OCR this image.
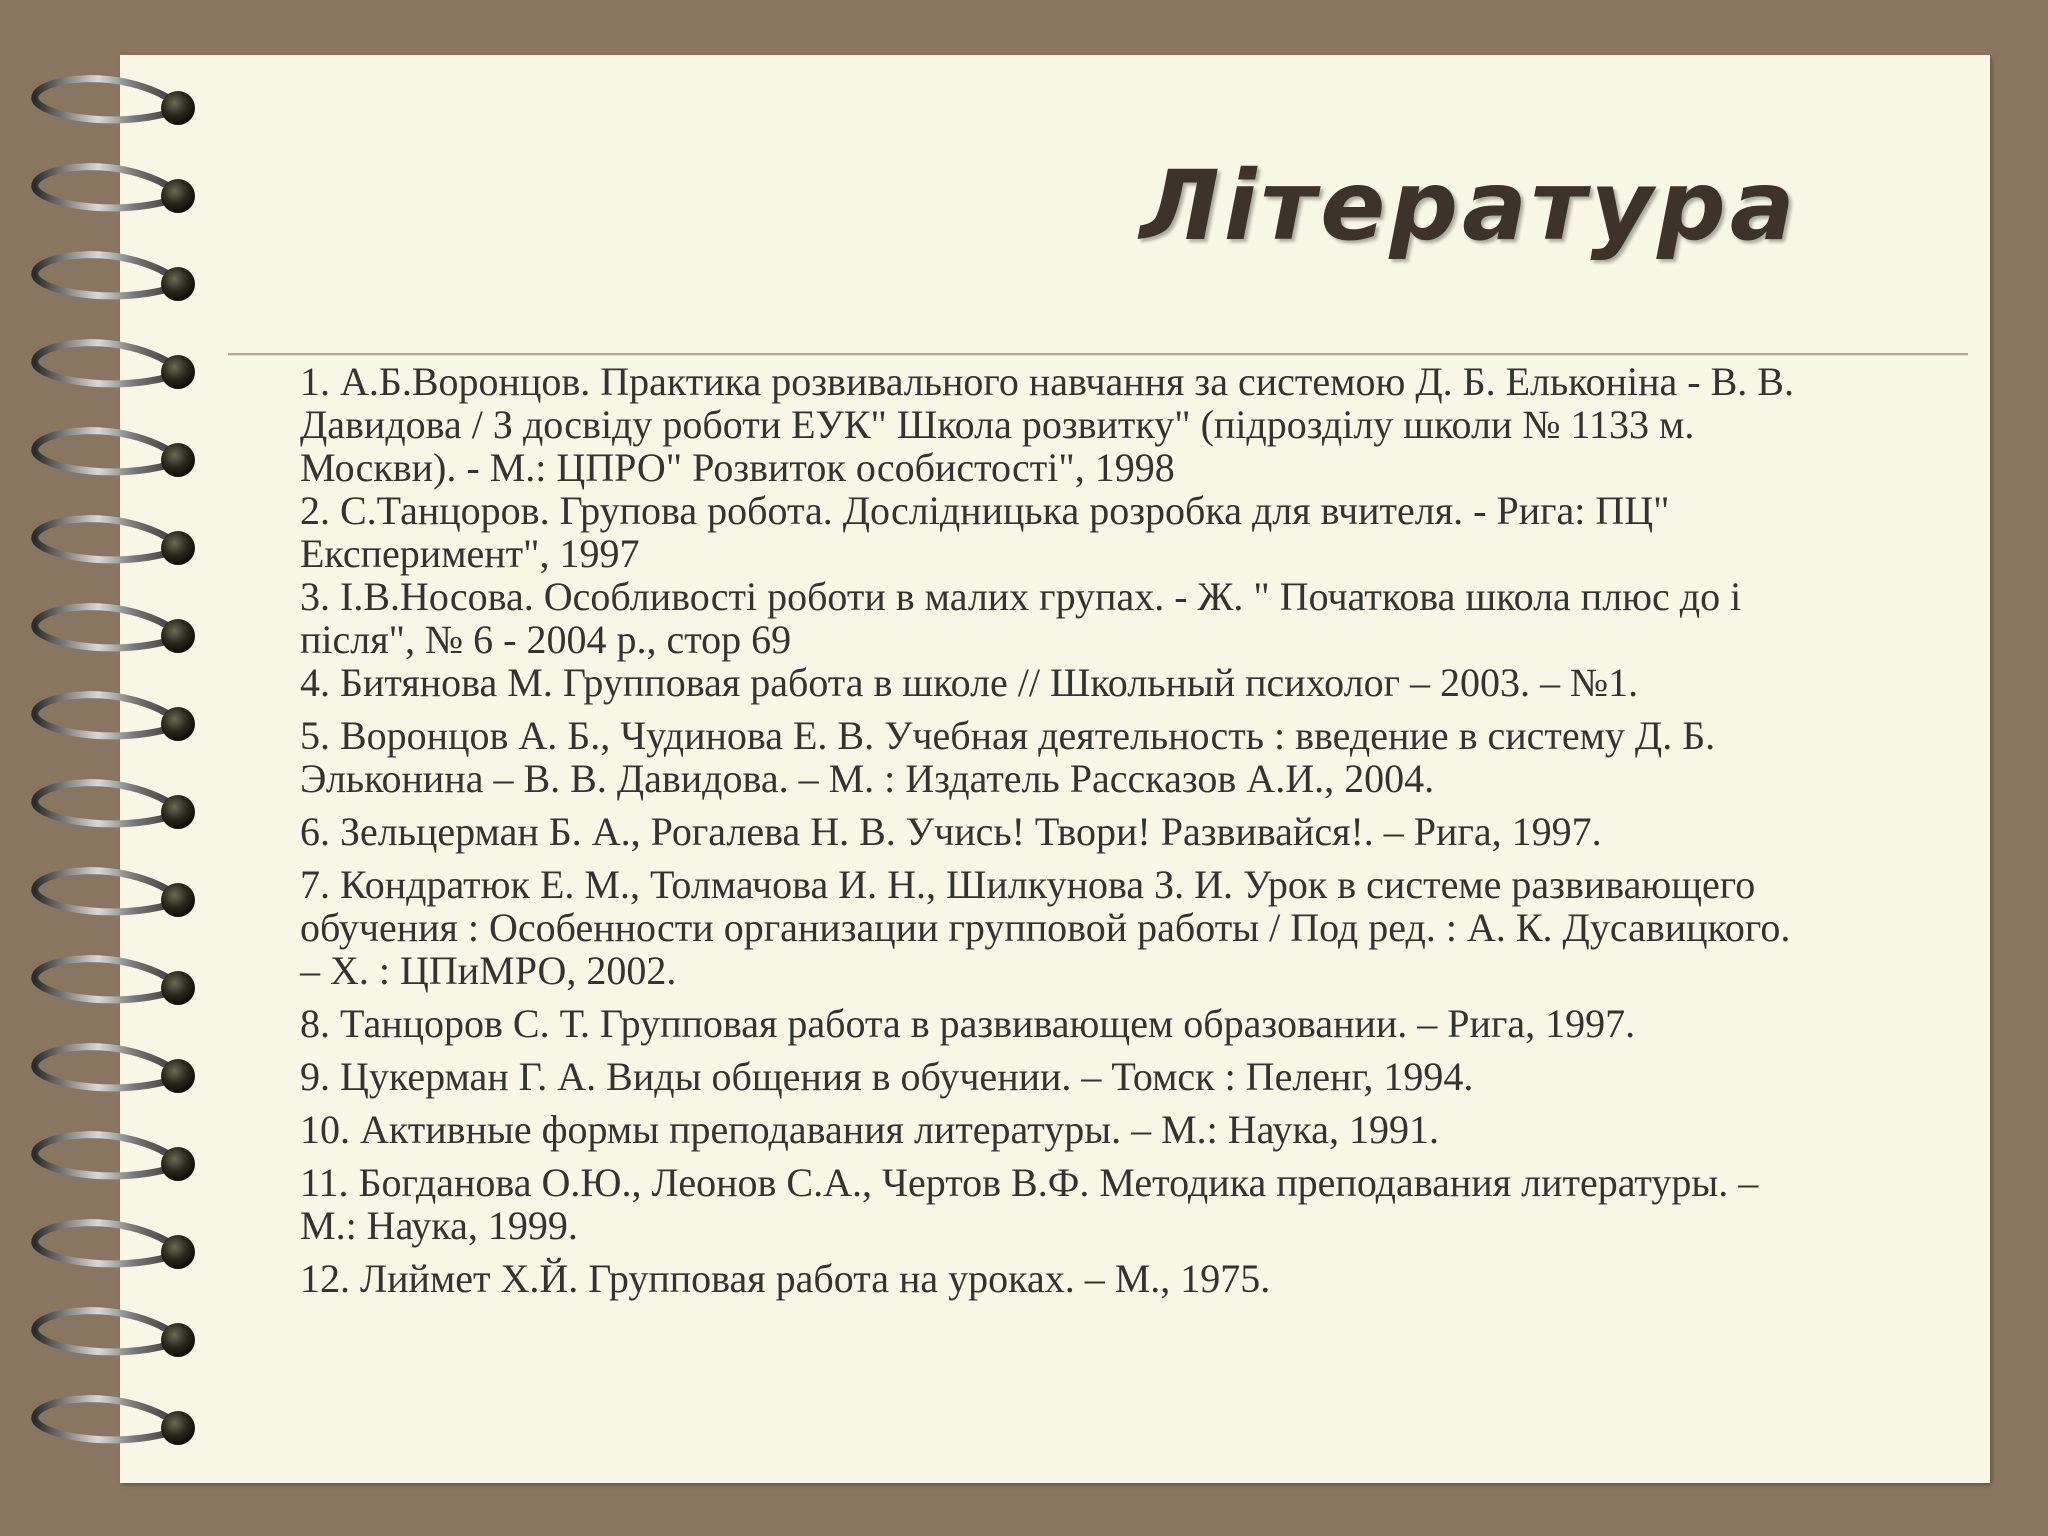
Література
1. А.Б.Воронцов. Практика розвивального навчання за системою Д. Б. Ельконіна - В. В.
Давидова / З досвіду роботи ЕУК" Школа розвитку" (підрозділу школи № 1133 м.
Москви). - М.: ЦПРО" Розвиток особистості", 1998
2. С.Танцоров. Групова робота. Дослідницька розробка для вчителя. - Рига: ПЦ"
Експеримент", 1997
3. І.В.Носова. Особливості роботи в малих групах. - Ж. " Початкова школа плюс до і
після", № 6 - 2004 р., стор 69
4. Битянова М. Групповая работа в школе // Школьный психолог – 2003. – №1.
5. Воронцов А. Б., Чудинова Е. В. Учебная деятельность : введение в систему Д. Б.
Эльконина – В. В. Давидова. – М. : Издатель Рассказов А.И., 2004.
6. Зельцерман Б. А., Рогалева Н. В. Учись! Твори! Развивайся!. – Рига, 1997.
7. Кондратюк Е. М., Толмачова И. Н., Шилкунова З. И. Урок в системе развивающего
обучения : Особенности организации групповой работы / Под ред. : А. К. Дусавицкого.
– Х. : ЦПиМРО, 2002.
8. Танцоров С. Т. Групповая работа в развивающем образовании. – Рига, 1997.
9. Цукерман Г. А. Виды общения в обучении. – Томск : Пеленг, 1994.
10. Активные формы преподавания литературы. – М.: Наука, 1991.
11. Богданова О.Ю., Леонов С.А., Чертов В.Ф. Методика преподавания литературы. –
М.: Наука, 1999.
12. Лиймет Х.Й. Групповая работа на уроках. – М., 1975.
